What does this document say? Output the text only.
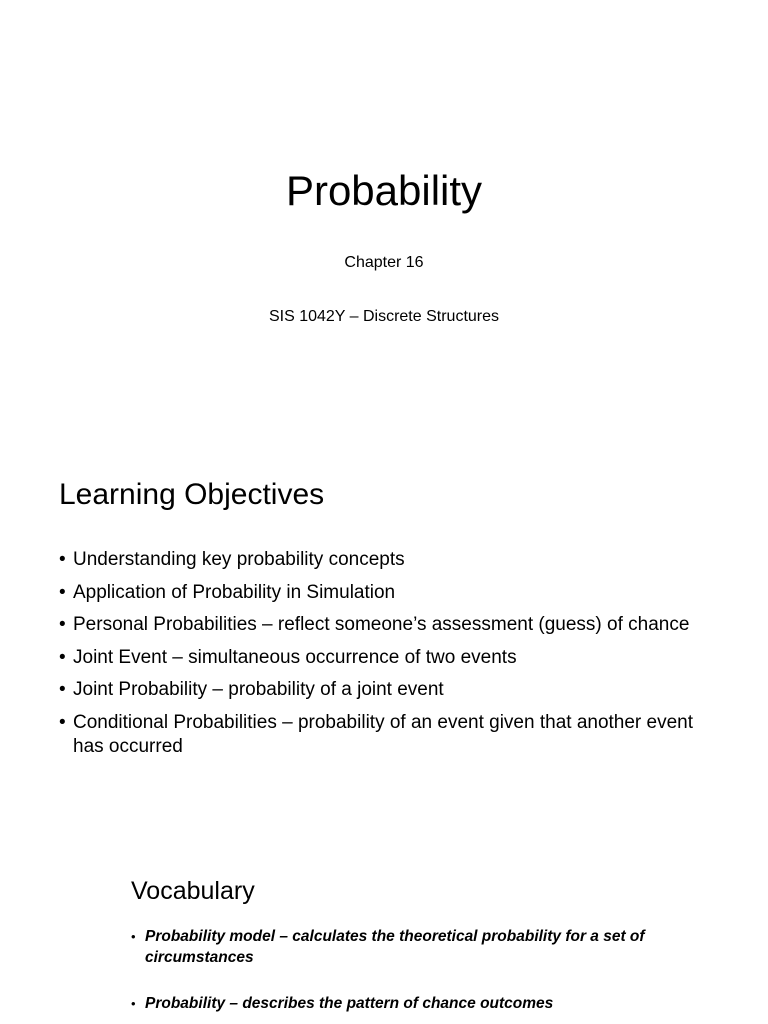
Probability
Chapter 16
SIS 1042Y – Discrete Structures
Learning Objectives
• Understanding key probability concepts
• Application of Probability in Simulation
• Personal Probabilities – reflect someone’s assessment (guess) of chance
• Joint Event – simultaneous occurrence of two events
• Joint Probability – probability of a joint event
• Conditional Probabilities – probability of an event given that another event has occurred
Vocabulary
• Probability model – calculates the theoretical probability for a set of circumstances
• Probability – describes the pattern of chance outcomes
